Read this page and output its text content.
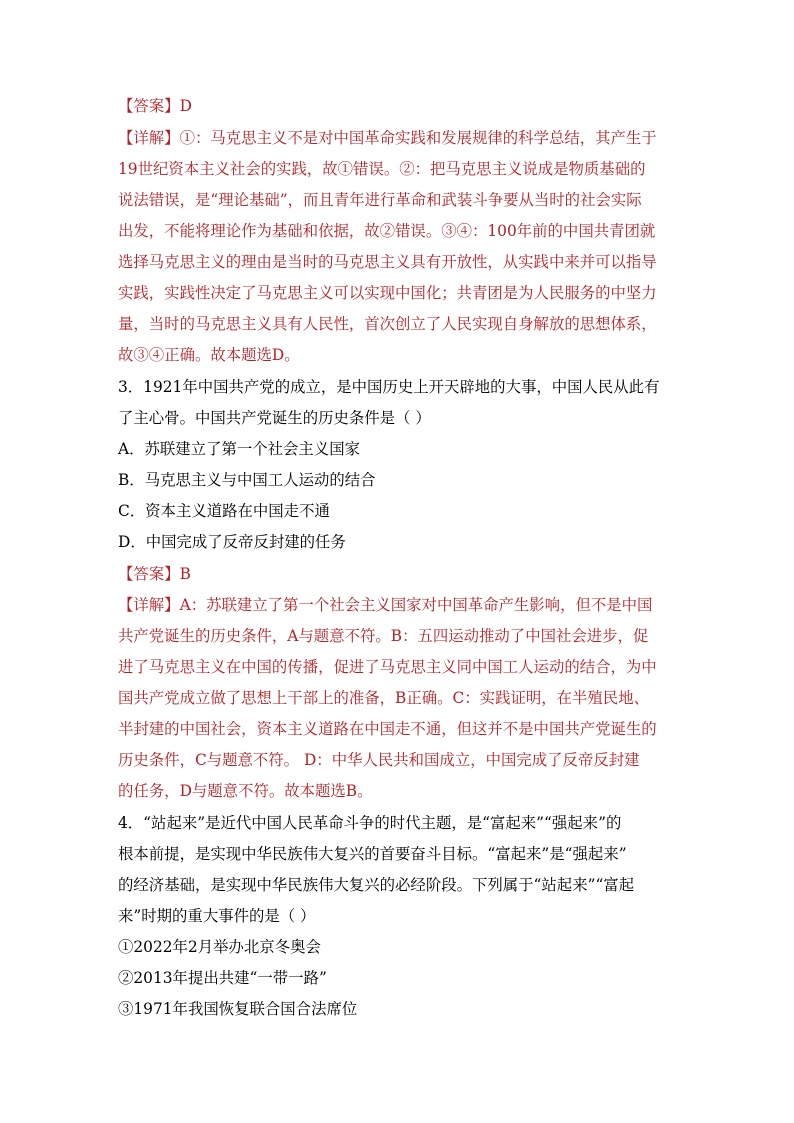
【答案】D
【详解】①：马克思主义不是对中国革命实践和发展规律的科学总结，其产生于
19世纪资本主义社会的实践，故①错误。②：把马克思主义说成是物质基础的
说法错误，是“理论基础”，而且青年进行革命和武装斗争要从当时的社会实际
出发，不能将理论作为基础和依据，故②错误。③④：100年前的中国共青团就
选择马克思主义的理由是当时的马克思主义具有开放性，从实践中来并可以指导
实践，实践性决定了马克思主义可以实现中国化；共青团是为人民服务的中坚力
量，当时的马克思主义具有人民性，首次创立了人民实现自身解放的思想体系，
故③④正确。故本题选D。
3．1921年中国共产党的成立，是中国历史上开天辟地的大事，中国人民从此有
了主心骨。中国共产党诞生的历史条件是（ ）
A．苏联建立了第一个社会主义国家
B．马克思主义与中国工人运动的结合
C．资本主义道路在中国走不通
D．中国完成了反帝反封建的任务
【答案】B
【详解】A：苏联建立了第一个社会主义国家对中国革命产生影响，但不是中国
共产党诞生的历史条件，A与题意不符。B：五四运动推动了中国社会进步，促
进了马克思主义在中国的传播，促进了马克思主义同中国工人运动的结合，为中
国共产党成立做了思想上干部上的准备，B正确。C：实践证明，在半殖民地、
半封建的中国社会，资本主义道路在中国走不通，但这并不是中国共产党诞生的
历史条件，C与题意不符。 D：中华人民共和国成立，中国完成了反帝反封建
的任务，D与题意不符。故本题选B。
4．“站起来”是近代中国人民革命斗争的时代主题，是“富起来”“强起来”的
根本前提，是实现中华民族伟大复兴的首要奋斗目标。“富起来”是“强起来”
的经济基础，是实现中华民族伟大复兴的必经阶段。下列属于“站起来”“富起
来”时期的重大事件的是（ ）
①2022年2月举办北京冬奥会
②2013年提出共建“一带一路”
③1971年我国恢复联合国合法席位
